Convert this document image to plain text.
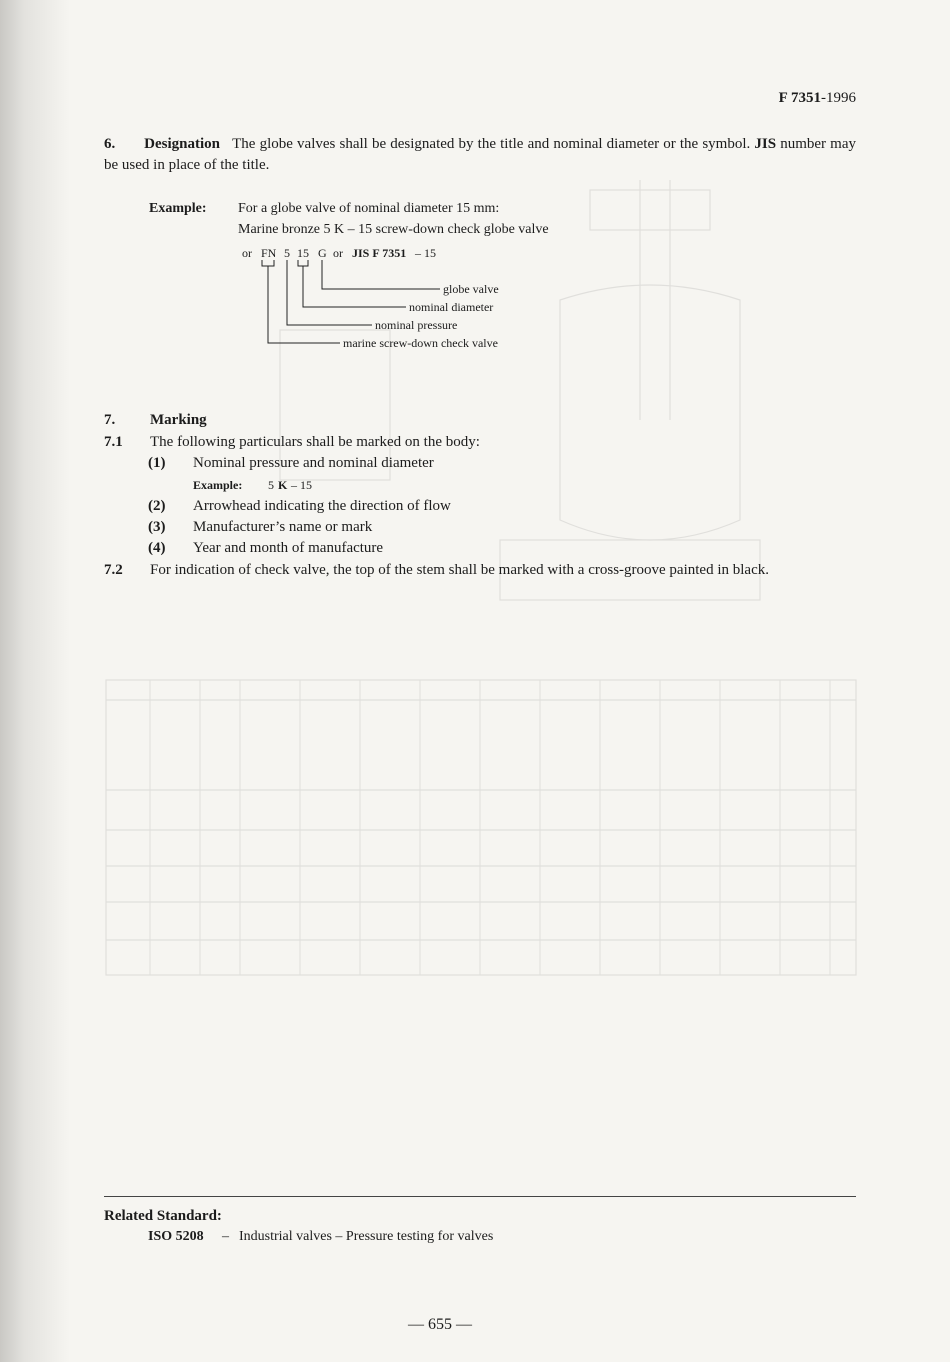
F 7351-1996
6. Designation The globe valves shall be designated by the title and nominal diameter or the symbol. JIS number may be used in place of the title.
Example: For a globe valve of nominal diameter 15 mm:
Marine bronze 5 K – 15 screw-down check globe valve
or FN 5 15 G or JIS F 7351 – 15
globe valve
nominal diameter
nominal pressure
marine screw-down check valve
7. Marking
7.1 The following particulars shall be marked on the body:
(1) Nominal pressure and nominal diameter
Example: 5 K – 15
(2) Arrowhead indicating the direction of flow
(3) Manufacturer’s name or mark
(4) Year and month of manufacture
7.2 For indication of check valve, the top of the stem shall be marked with a cross-groove painted in black.
Related Standard:
ISO 5208 – Industrial valves – Pressure testing for valves
— 655 —
